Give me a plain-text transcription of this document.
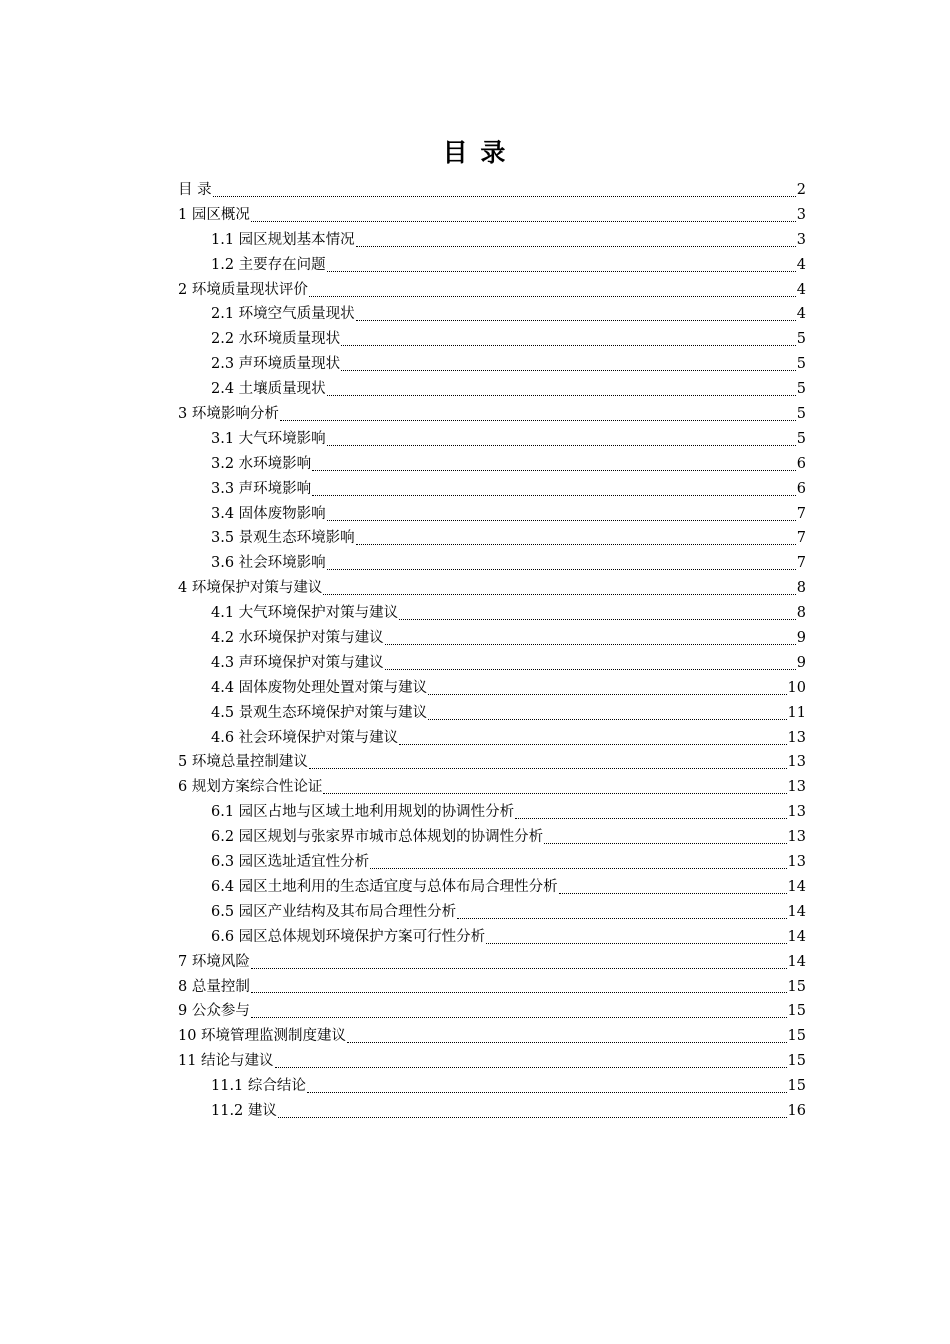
目 录
目 录	2
1 园区概况	3
1.1 园区规划基本情况	3
1.2 主要存在问题	4
2 环境质量现状评价	4
2.1 环境空气质量现状	4
2.2 水环境质量现状	5
2.3 声环境质量现状	5
2.4 土壤质量现状	5
3 环境影响分析	5
3.1 大气环境影响	5
3.2 水环境影响	6
3.3 声环境影响	6
3.4 固体废物影响	7
3.5 景观生态环境影响	7
3.6 社会环境影响	7
4 环境保护对策与建议	8
4.1 大气环境保护对策与建议	8
4.2 水环境保护对策与建议	9
4.3 声环境保护对策与建议	9
4.4 固体废物处理处置对策与建议	10
4.5 景观生态环境保护对策与建议	11
4.6 社会环境保护对策与建议	13
5 环境总量控制建议	13
6 规划方案综合性论证	13
6.1 园区占地与区域土地利用规划的协调性分析	13
6.2 园区规划与张家界市城市总体规划的协调性分析	13
6.3 园区选址适宜性分析	13
6.4 园区土地利用的生态适宜度与总体布局合理性分析	14
6.5 园区产业结构及其布局合理性分析	14
6.6 园区总体规划环境保护方案可行性分析	14
7 环境风险	14
8 总量控制	15
9 公众参与	15
10 环境管理监测制度建议	15
11 结论与建议	15
11.1 综合结论	15
11.2 建议	16
